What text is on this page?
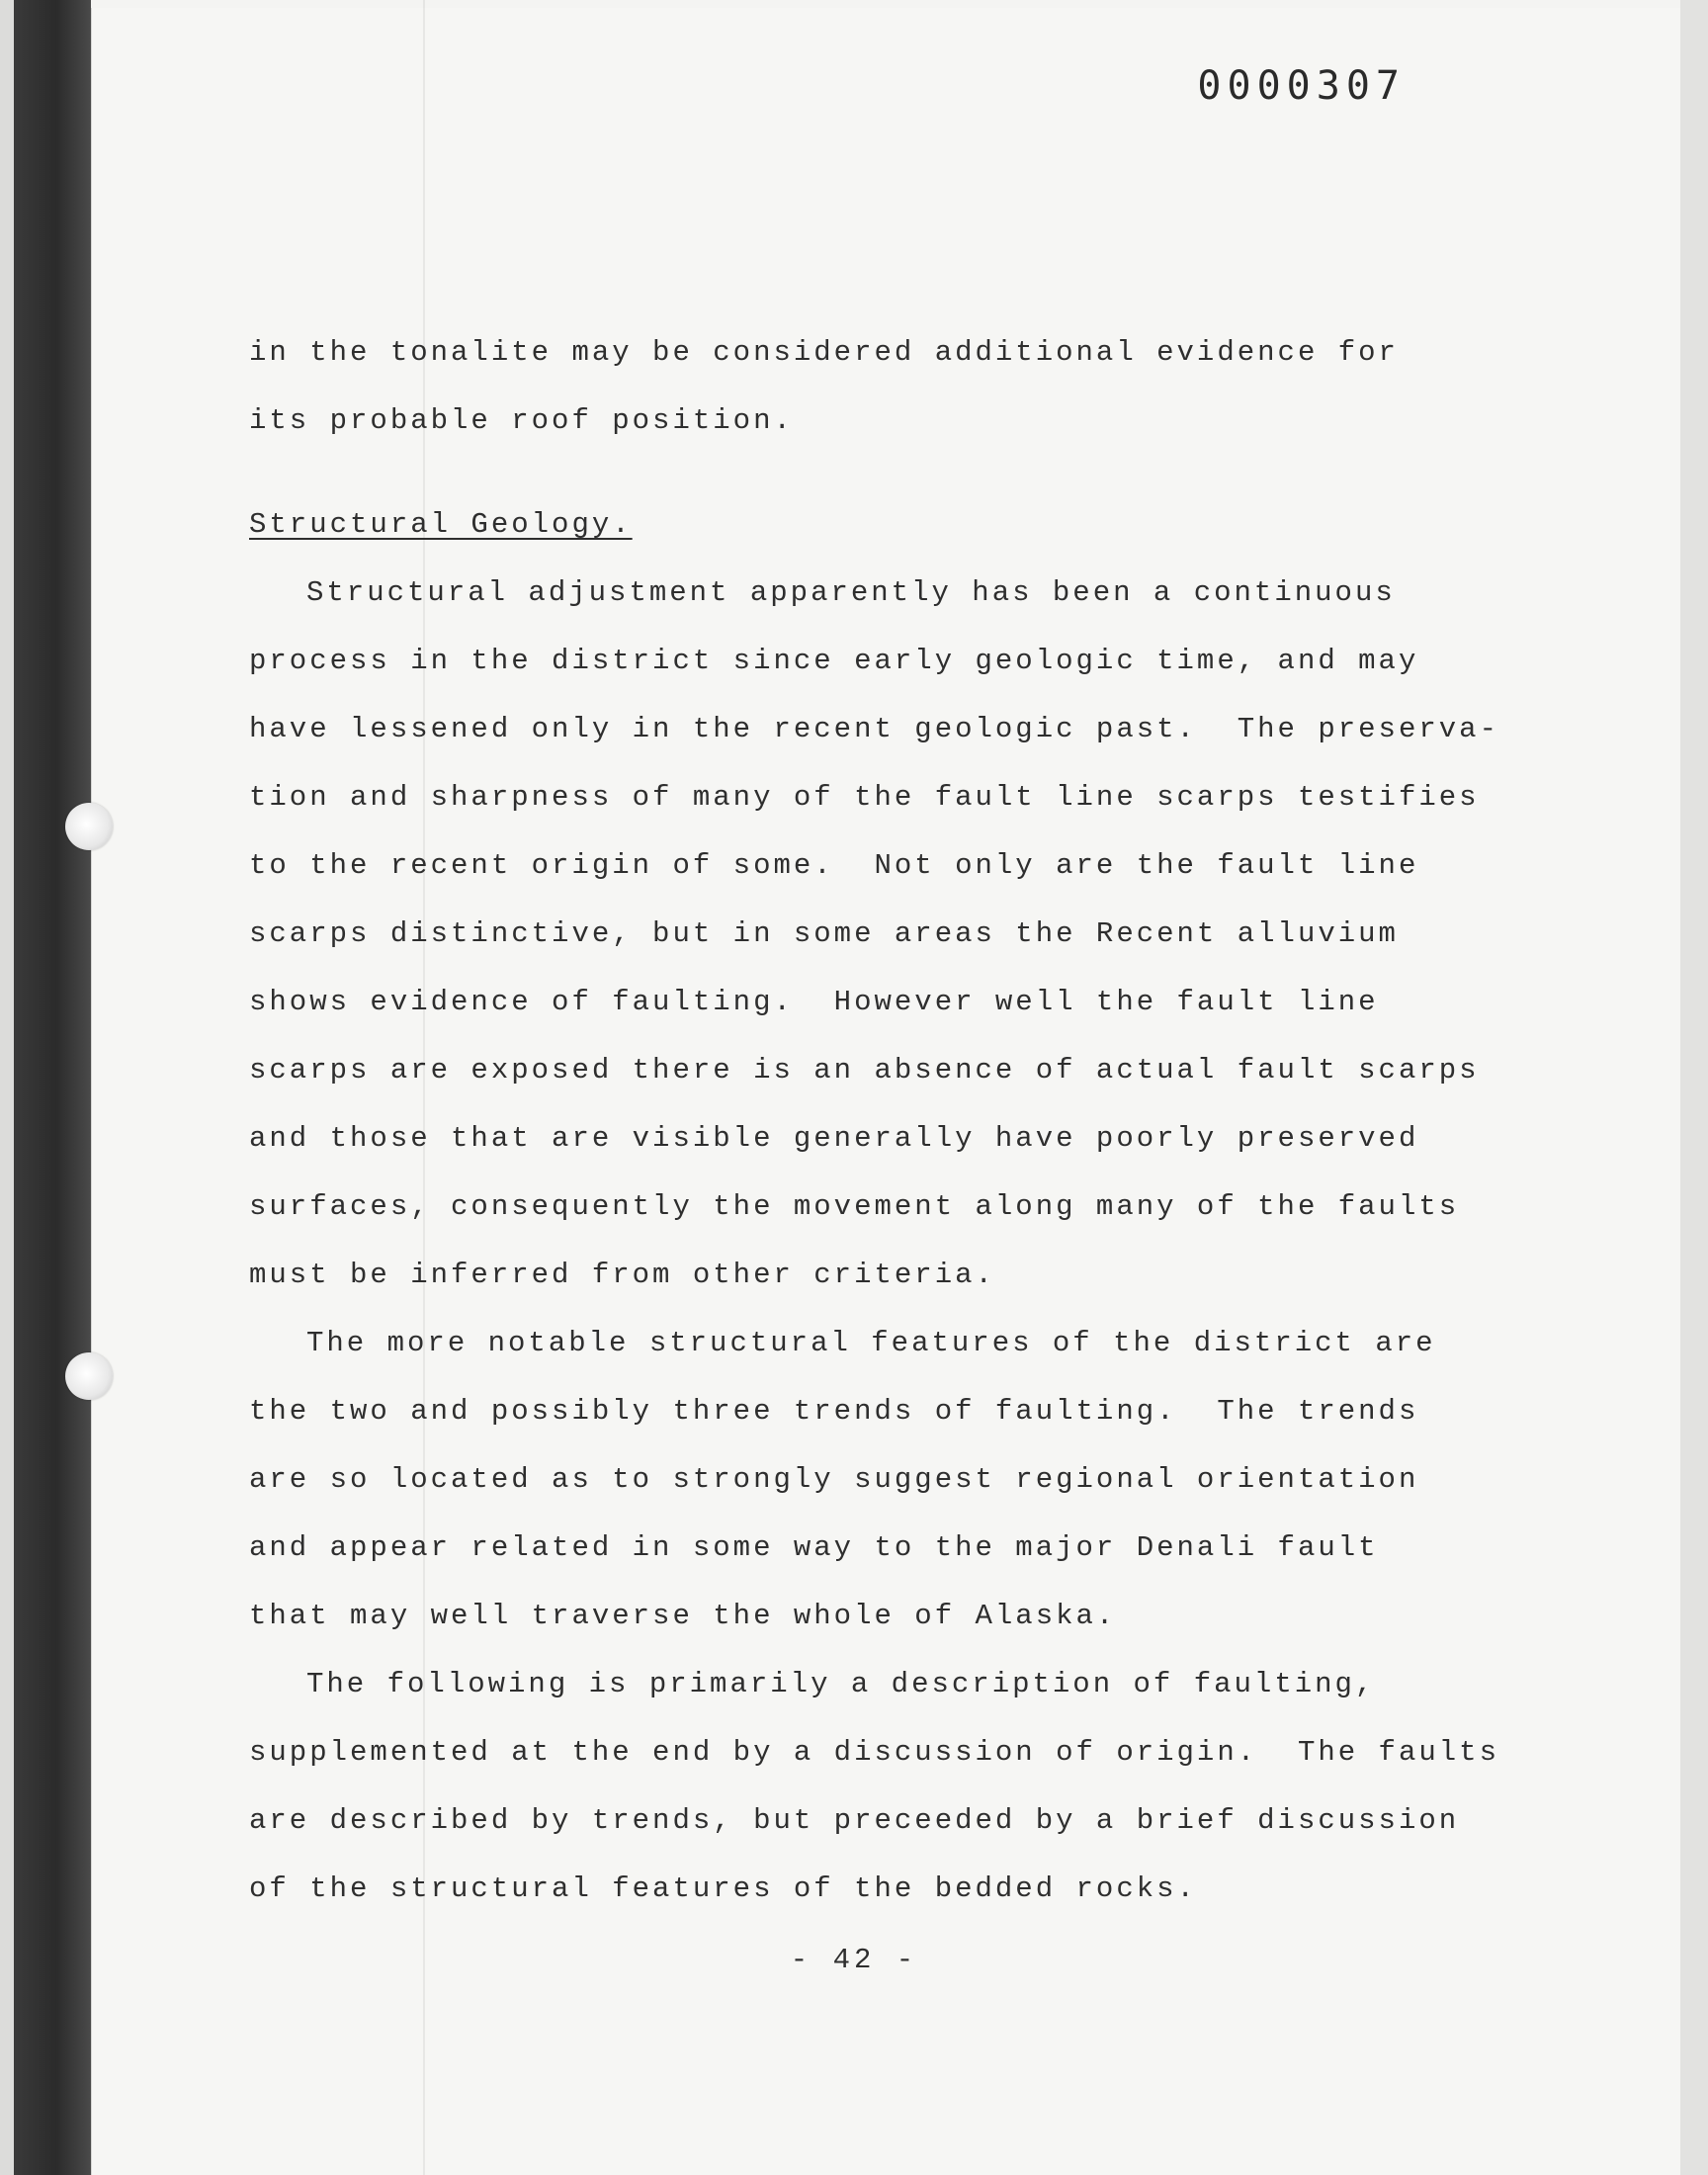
0000307
in the tonalite may be considered additional evidence for
its probable roof position.
Structural Geology.
Structural adjustment apparently has been a continuous
process in the district since early geologic time, and may
have lessened only in the recent geologic past.  The preserva-
tion and sharpness of many of the fault line scarps testifies
to the recent origin of some.  Not only are the fault line
scarps distinctive, but in some areas the Recent alluvium
shows evidence of faulting.  However well the fault line
scarps are exposed there is an absence of actual fault scarps
and those that are visible generally have poorly preserved
surfaces, consequently the movement along many of the faults
must be inferred from other criteria.
The more notable structural features of the district are
the two and possibly three trends of faulting.  The trends
are so located as to strongly suggest regional orientation
and appear related in some way to the major Denali fault
that may well traverse the whole of Alaska.
The following is primarily a description of faulting,
supplemented at the end by a discussion of origin.  The faults
are described by trends, but preceeded by a brief discussion
of the structural features of the bedded rocks.
- 42 -
